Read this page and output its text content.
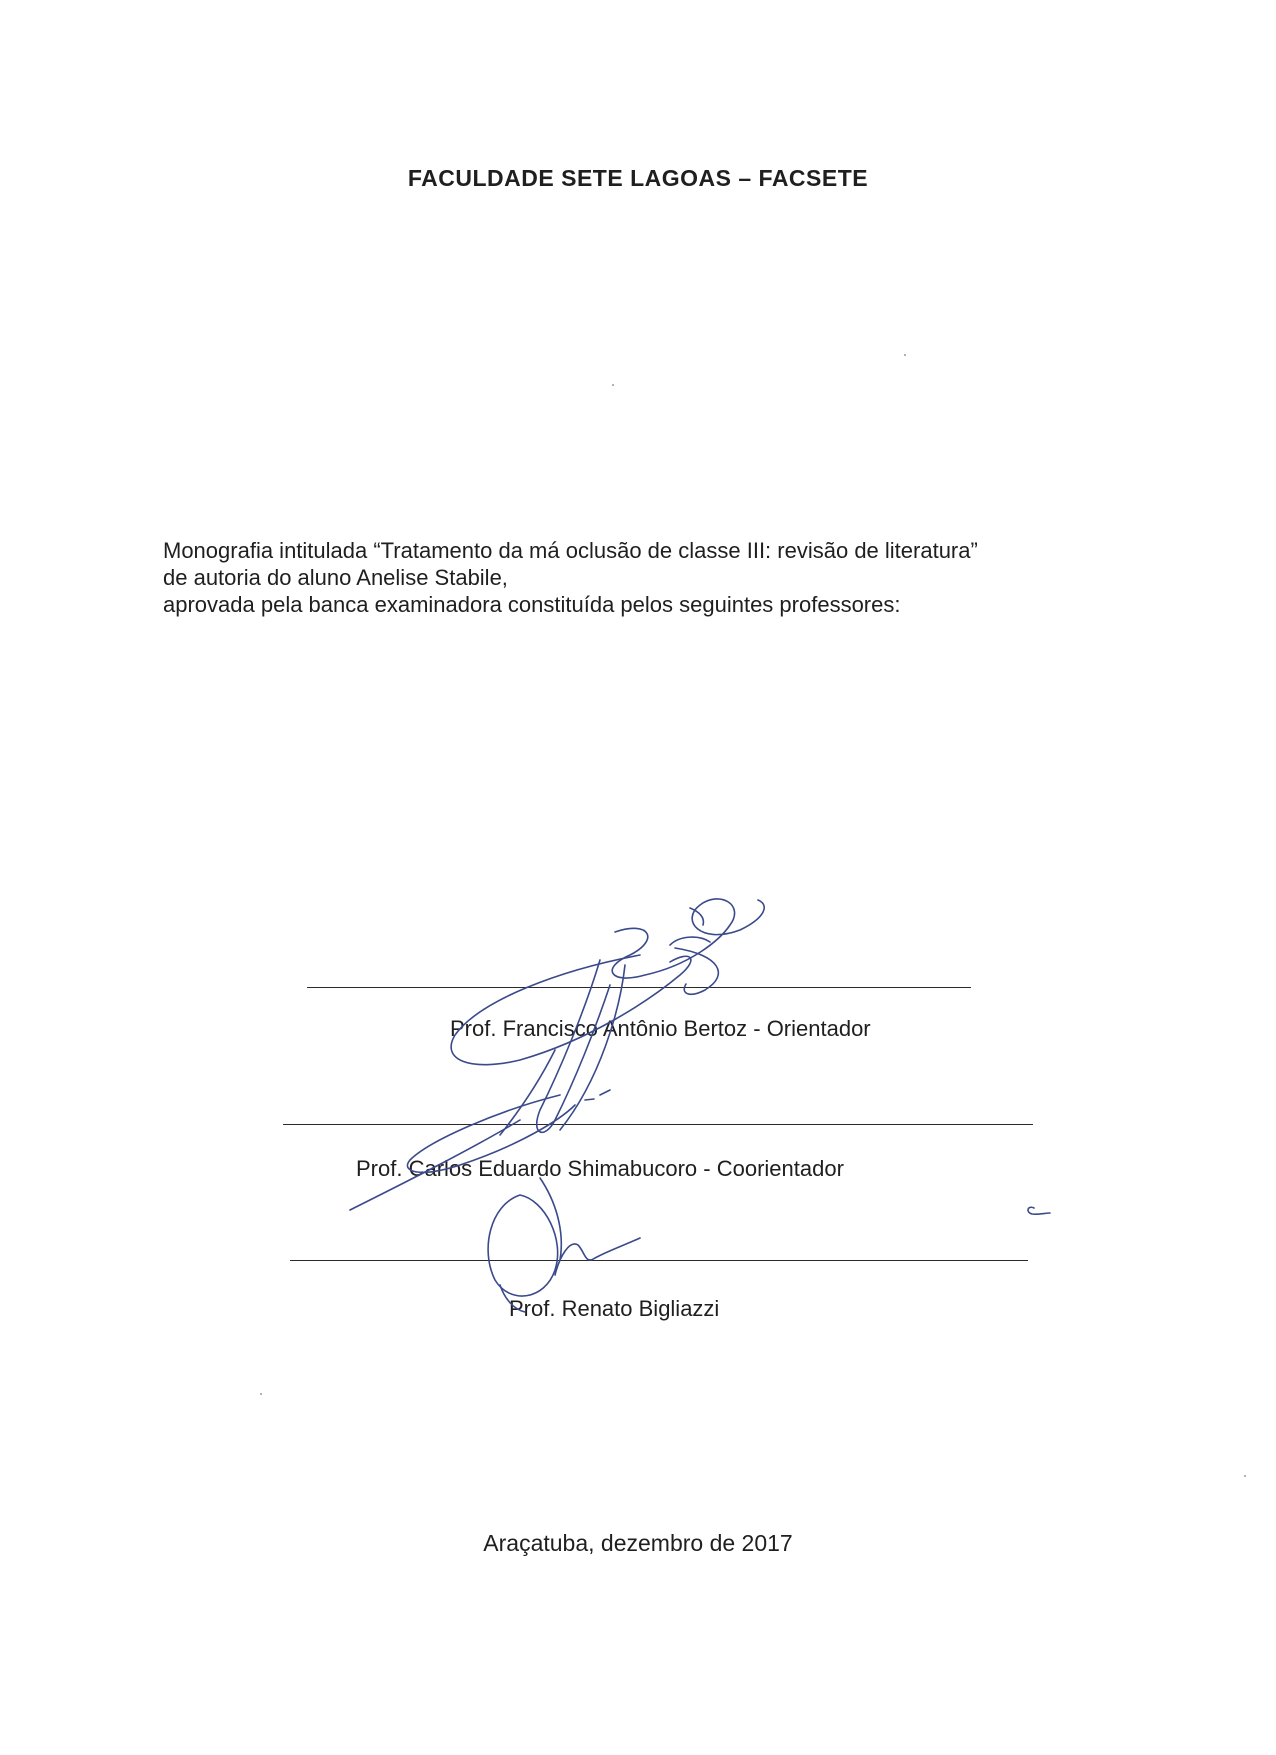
FACULDADE SETE LAGOAS – FACSETE
Monografia intitulada “Tratamento da má oclusão de classe III: revisão de literatura”
de autoria do aluno Anelise Stabile,
aprovada pela banca examinadora constituída pelos seguintes professores:
Prof. Francisco Antônio Bertoz - Orientador
Prof. Carlos Eduardo Shimabucoro - Coorientador
Prof. Renato Bigliazzi
Araçatuba, dezembro de 2017
